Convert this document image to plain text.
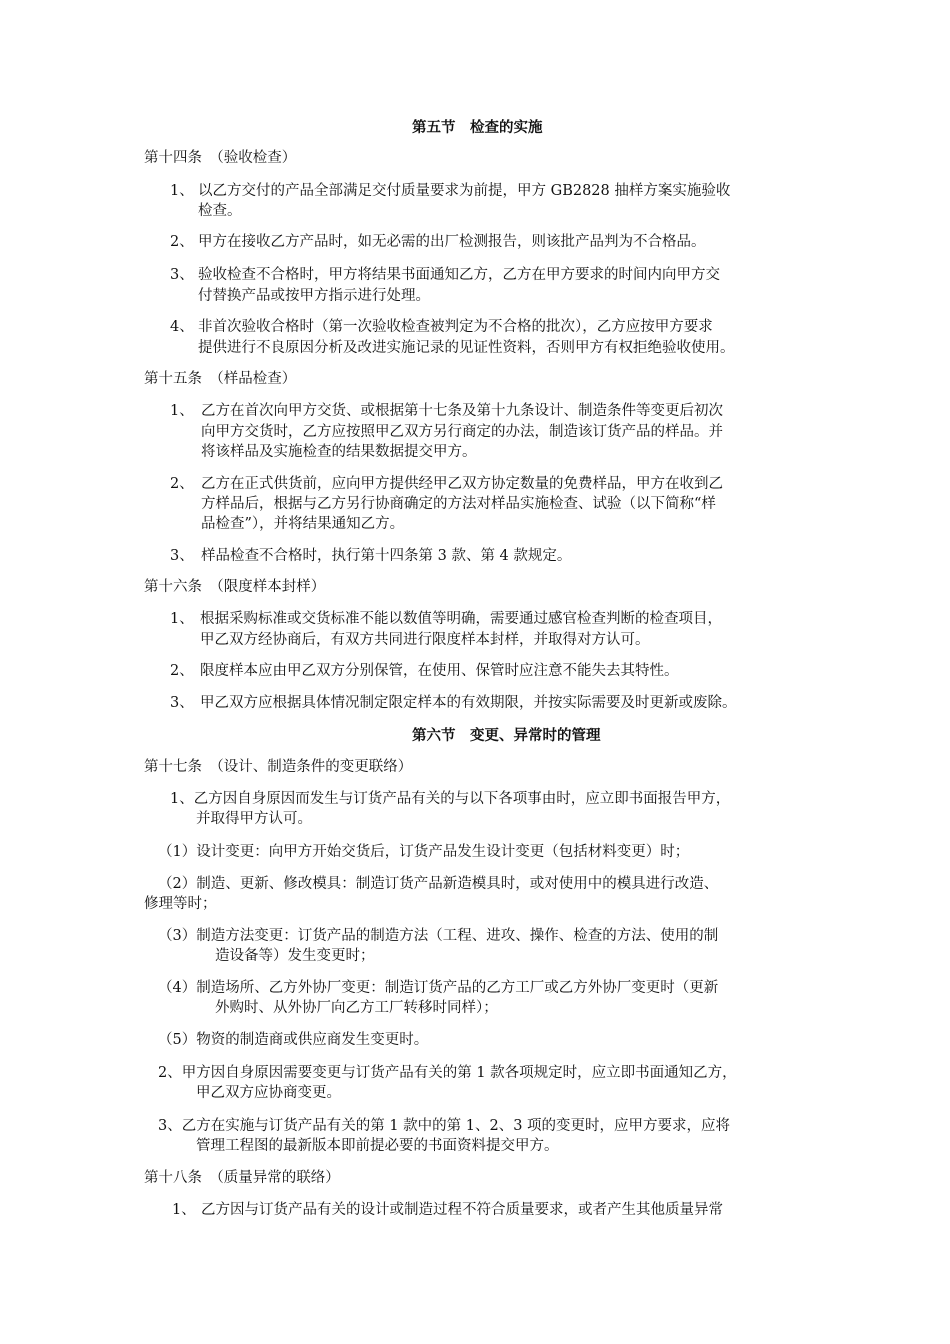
第五节　检查的实施
第十四条　（验收检查）
1、 以乙方交付的产品全部满足交付质量要求为前提，甲方 GB2828 抽样方案实施验收
检查。
2、 甲方在接收乙方产品时，如无必需的出厂检测报告，则该批产品判为不合格品。
3、 验收检查不合格时，甲方将结果书面通知乙方，乙方在甲方要求的时间内向甲方交
付替换产品或按甲方指示进行处理。
4、 非首次验收合格时（第一次验收检查被判定为不合格的批次），乙方应按甲方要求
提供进行不良原因分析及改进实施记录的见证性资料，否则甲方有权拒绝验收使用。
第十五条　（样品检查）
1、 乙方在首次向甲方交货、或根据第十七条及第十九条设计、制造条件等变更后初次
向甲方交货时，乙方应按照甲乙双方另行商定的办法，制造该订货产品的样品。并
将该样品及实施检查的结果数据提交甲方。
2、 乙方在正式供货前，应向甲方提供经甲乙双方协定数量的免费样品，甲方在收到乙
方样品后，根据与乙方另行协商确定的方法对样品实施检查、试验（以下简称“样
品检查”），并将结果通知乙方。
3、 样品检查不合格时，执行第十四条第 3 款、第 4 款规定。
第十六条　（限度样本封样）
1、 根据采购标准或交货标准不能以数值等明确，需要通过感官检查判断的检查项目，
甲乙双方经协商后，有双方共同进行限度样本封样，并取得对方认可。
2、 限度样本应由甲乙双方分别保管，在使用、保管时应注意不能失去其特性。
3、 甲乙双方应根据具体情况制定限定样本的有效期限，并按实际需要及时更新或废除。
第六节　变更、异常时的管理
第十七条　（设计、制造条件的变更联络）
1、乙方因自身原因而发生与订货产品有关的与以下各项事由时，应立即书面报告甲方，
并取得甲方认可。
（1）设计变更：向甲方开始交货后，订货产品发生设计变更（包括材料变更）时；
（2）制造、更新、修改模具：制造订货产品新造模具时，或对使用中的模具进行改造、
修理等时；
（3）制造方法变更：订货产品的制造方法（工程、进攻、操作、检查的方法、使用的制
造设备等）发生变更时；
（4）制造场所、乙方外协厂变更：制造订货产品的乙方工厂或乙方外协厂变更时（更新
外购时、从外协厂向乙方工厂转移时同样）；
（5）物资的制造商或供应商发生变更时。
2、甲方因自身原因需要变更与订货产品有关的第 1 款各项规定时，应立即书面通知乙方，
甲乙双方应协商变更。
3、乙方在实施与订货产品有关的第 1 款中的第 1、2、3 项的变更时，应甲方要求，应将
管理工程图的最新版本即前提必要的书面资料提交甲方。
第十八条　（质量异常的联络）
1、 乙方因与订货产品有关的设计或制造过程不符合质量要求，或者产生其他质量异常
